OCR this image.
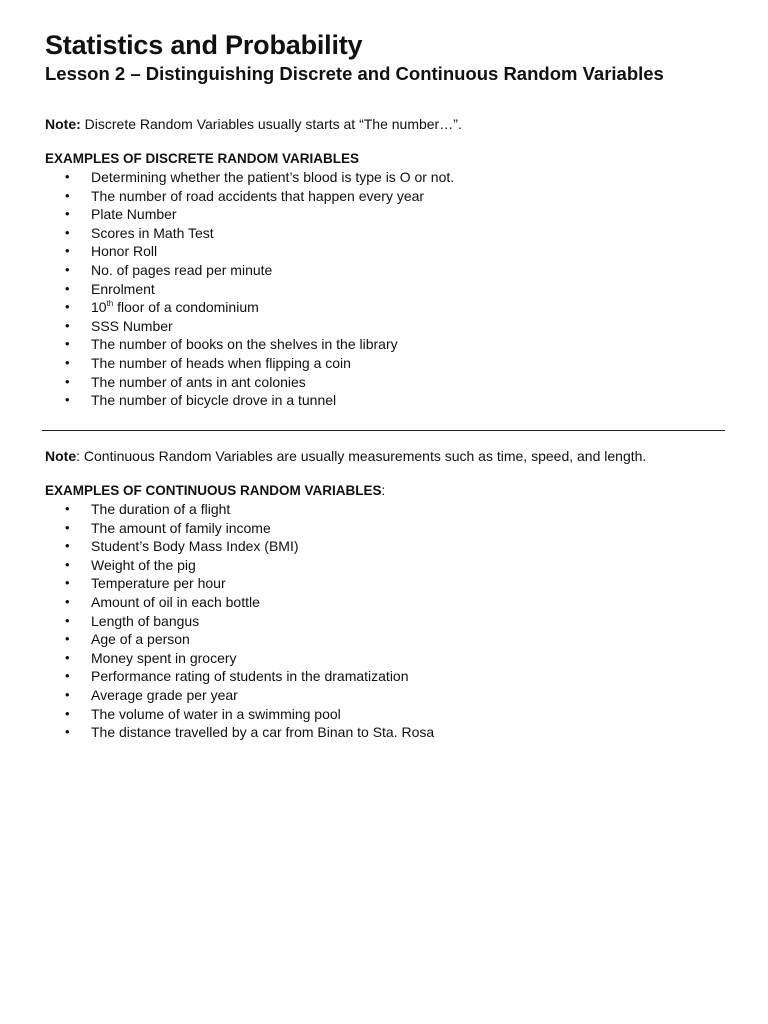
Statistics and Probability
Lesson 2 – Distinguishing Discrete and Continuous Random Variables

Note: Discrete Random Variables usually starts at “The number…”.

EXAMPLES OF DISCRETE RANDOM VARIABLES

• Determining whether the patient’s blood is type is O or not.
• The number of road accidents that happen every year
• Plate Number
• Scores in Math Test
• Honor Roll
• No. of pages read per minute
• Enrolment
• 10th floor of a condominium
• SSS Number
• The number of books on the shelves in the library
• The number of heads when flipping a coin
• The number of ants in ant colonies
• The number of bicycle drove in a tunnel

Note: Continuous Random Variables are usually measurements such as time, speed, and length.

EXAMPLES OF CONTINUOUS RANDOM VARIABLES:

• The duration of a flight
• The amount of family income
• Student’s Body Mass Index (BMI)
• Weight of the pig
• Temperature per hour
• Amount of oil in each bottle
• Length of bangus
• Age of a person
• Money spent in grocery
• Performance rating of students in the dramatization
• Average grade per year
• The volume of water in a swimming pool
• The distance travelled by a car from Binan to Sta. Rosa
